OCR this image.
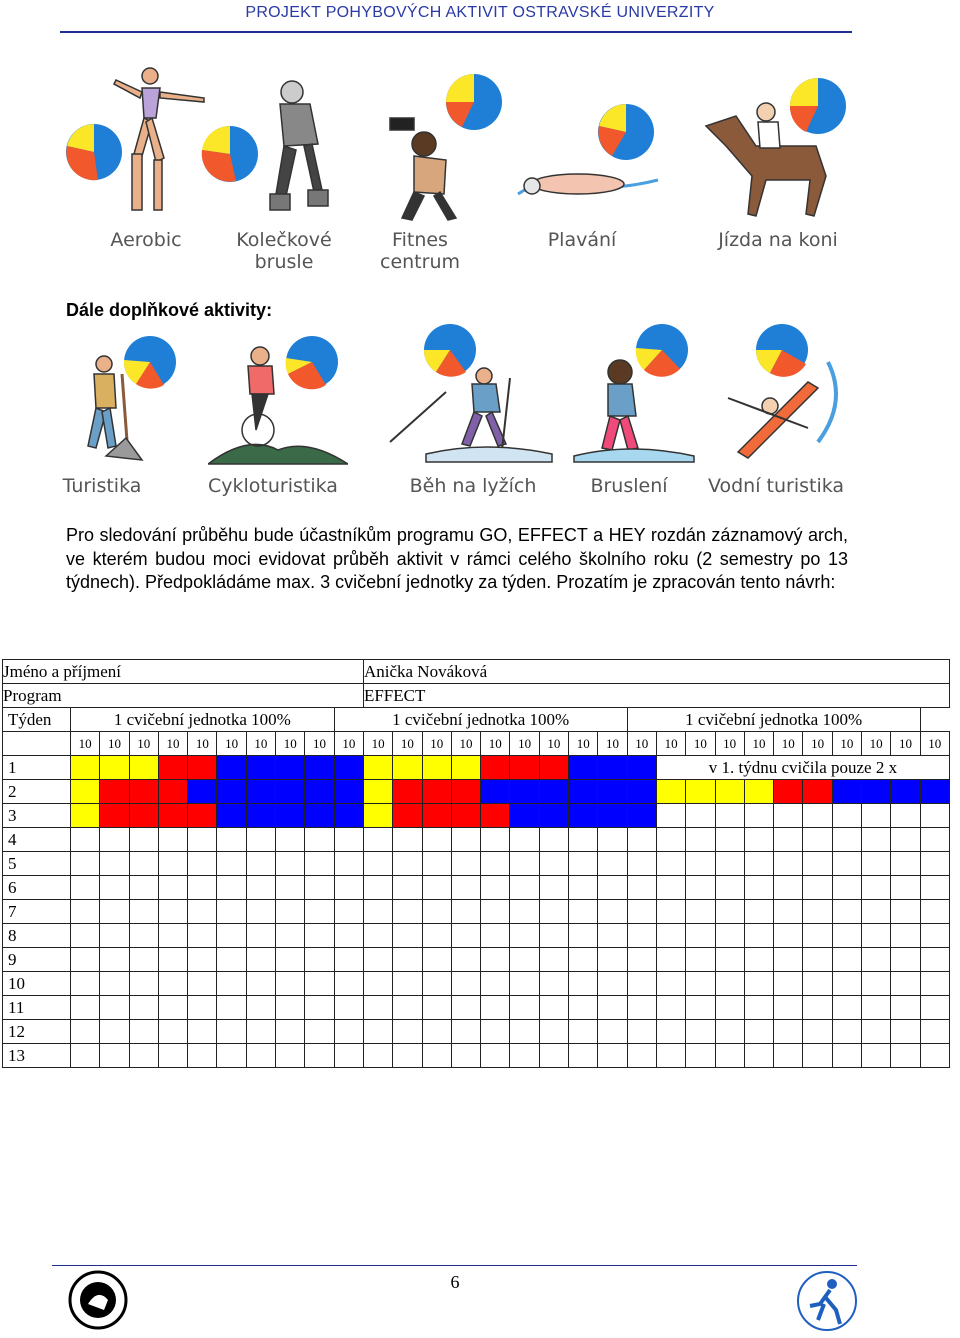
PROJEKT POHYBOVÝCH AKTIVIT OSTRAVSKÉ UNIVERZITY
Aerobic	Kolečkové
brusle
Fitnes
centrum
Plavání	Jízda na koni
Dále doplňkové aktivity:
Turistika	Cykloturistika	Běh na lyžích	Bruslení	Vodní turistika
Pro sledování průběhu bude účastníkům programu GO, EFFECT a HEY rozdán záznamový arch, ve kterém budou moci evidovat průběh aktivit v rámci celého školního roku (2 semestry po 13 týdnech). Předpokládáme max. 3 cvičební jednotky za týden. Prozatím je zpracován tento návrh:
Jméno a příjmení											Anička Nováková																			
Program											EFFECT																			
Týden	1 cvičební jednotka 100%									1 cvičební jednotka 100%										1 cvičební jednotka 100%										
	10	10	10	10	10	10	10	10	10	10	10	10	10	10	10	10	10	10	10	10	10	10	10	10	10	10	10	10	10	10
1																					v 1. týdnu cvičila pouze 2 x									
2																														
3																														
4																														
5																														
6																														
7																														
8																														
9																														
10																														
11																														
12																														
13																														
6
